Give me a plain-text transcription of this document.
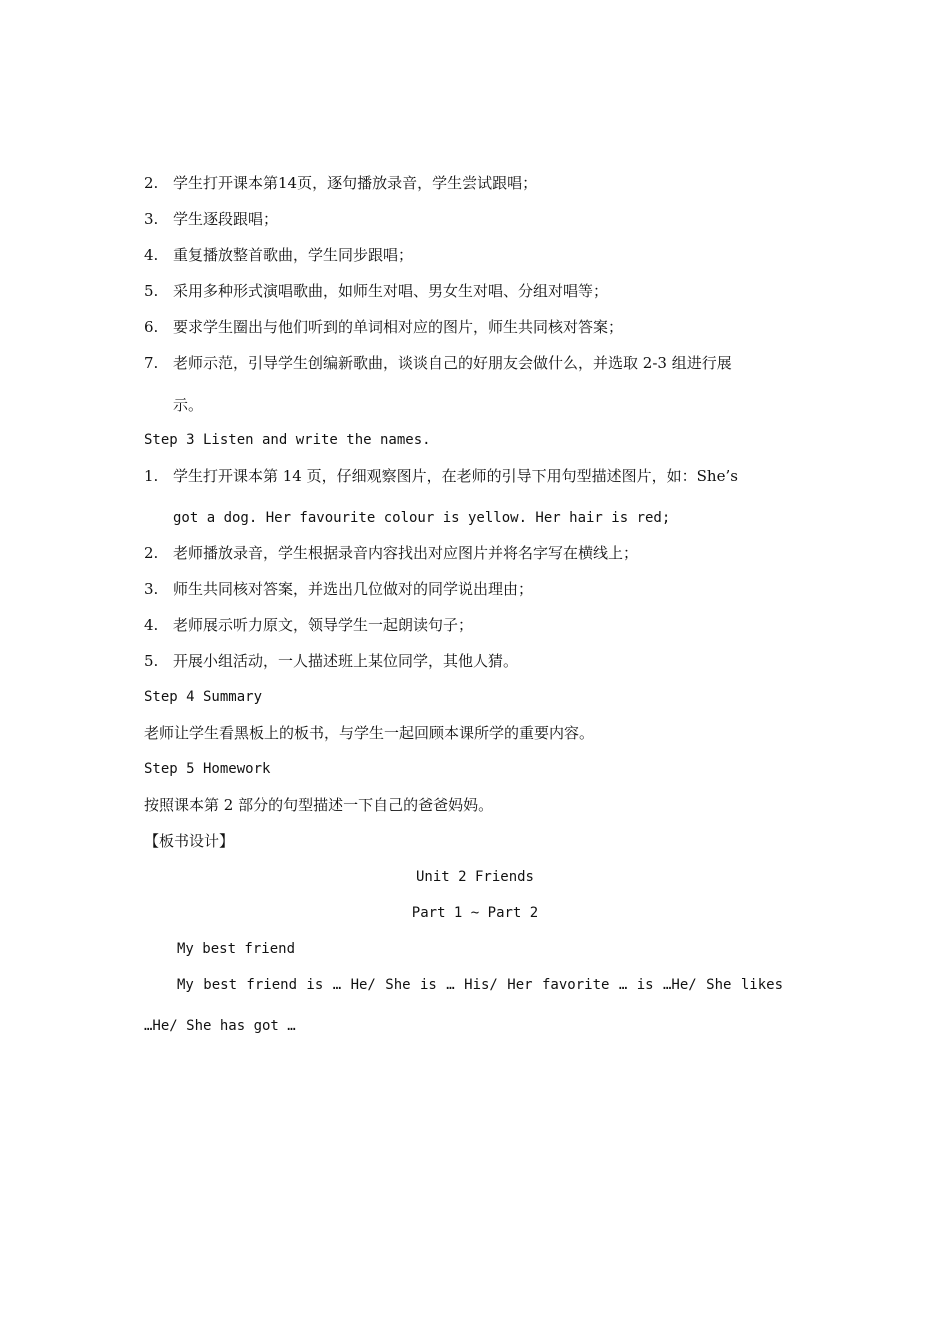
2. 学生打开课本第14页，逐句播放录音，学生尝试跟唱；
3. 学生逐段跟唱；
4. 重复播放整首歌曲，学生同步跟唱；
5. 采用多种形式演唱歌曲，如师生对唱、男女生对唱、分组对唱等；
6. 要求学生圈出与他们听到的单词相对应的图片，师生共同核对答案；
7. 老师示范，引导学生创编新歌曲，谈谈自己的好朋友会做什么，并选取 2-3 组进行展
示。
Step 3 Listen and write the names.
1. 学生打开课本第 14 页，仔细观察图片，在老师的引导下用句型描述图片，如：She’s
got a dog. Her favourite colour is yellow. Her hair is red;
2. 老师播放录音，学生根据录音内容找出对应图片并将名字写在横线上；
3. 师生共同核对答案，并选出几位做对的同学说出理由；
4. 老师展示听力原文，领导学生一起朗读句子；
5. 开展小组活动，一人描述班上某位同学，其他人猜。
Step 4 Summary
老师让学生看黑板上的板书，与学生一起回顾本课所学的重要内容。
Step 5 Homework
按照课本第 2 部分的句型描述一下自己的爸爸妈妈。
【板书设计】
Unit 2 Friends
Part 1 ~ Part 2
My best friend
My best friend is … He/ She is … His/ Her favorite … is …He/ She likes
…He/ She has got …
